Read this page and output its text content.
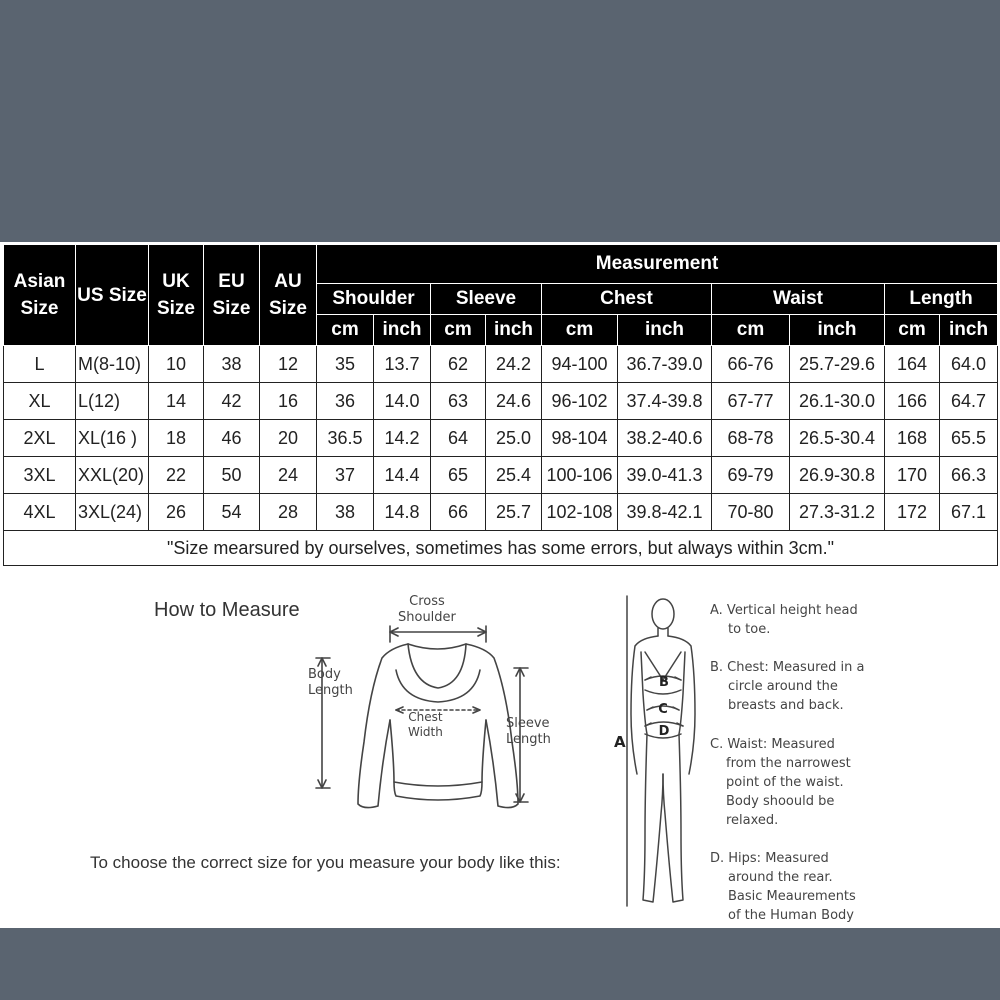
Asian Size	US Size	UK Size	EU Size	AU Size	Measurement									
					Shoulder		Sleeve		Chest		Waist		Length	
					cm	inch	cm	inch	cm	inch	cm	inch	cm	inch
L	M(8-10)	10	38	12	35	13.7	62	24.2	94-100	36.7-39.0	66-76	25.7-29.6	164	64.0
XL	L(12)	14	42	16	36	14.0	63	24.6	96-102	37.4-39.8	67-77	26.1-30.0	166	64.7
2XL	XL(16 )	18	46	20	36.5	14.2	64	25.0	98-104	38.2-40.6	68-78	26.5-30.4	168	65.5
3XL	XXL(20)	22	50	24	37	14.4	65	25.4	100-106	39.0-41.3	69-79	26.9-30.8	170	66.3
4XL	3XL(24)	26	54	28	38	14.8	66	25.7	102-108	39.8-42.1	70-80	27.3-31.2	172	67.1
"Size mearsured by ourselves, sometimes has some errors, but always within 3cm."														
How to Measure	Cross
Shoulder
Body
Length
Chest
Width
Sleeve
Length
To choose the correct size for you measure your body like this:
B
C
D
A
A. Vertical height head
to toe.
B. Chest: Measured in a
circle around the
breasts and back.
C. Waist: Measured
from the narrowest
point of the waist.
Body shoould be
relaxed.
D. Hips: Measured
around the rear.
Basic Meaurements
of the Human Body
